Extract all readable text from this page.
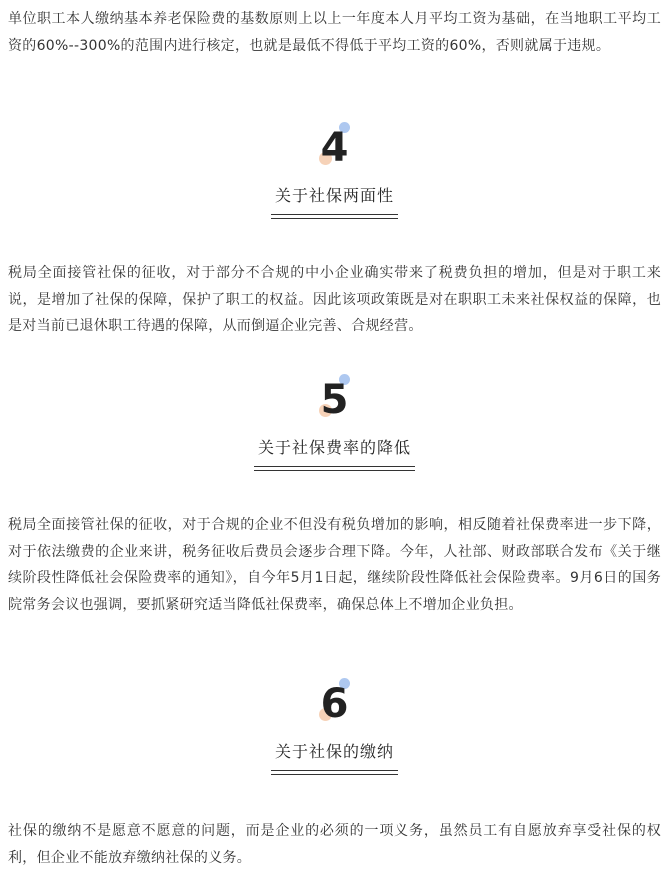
单位职工本人缴纳基本养老保险费的基数原则上以上一年度本人月平均工资为基础，在当地职工平均工资的60%--300%的范围内进行核定，也就是最低不得低于平均工资的60%，否则就属于违规。

4
关于社保两面性

税局全面接管社保的征收，对于部分不合规的中小企业确实带来了税费负担的增加，但是对于职工来说，是增加了社保的保障，保护了职工的权益。因此该项政策既是对在职职工未来社保权益的保障，也是对当前已退休职工待遇的保障，从而倒逼企业完善、合规经营。

5
关于社保费率的降低

税局全面接管社保的征收，对于合规的企业不但没有税负增加的影响，相反随着社保费率进一步下降，对于依法缴费的企业来讲，税务征收后费员会逐步合理下降。今年，人社部、财政部联合发布《关于继续阶段性降低社会保险费率的通知》，自今年5月1日起，继续阶段性降低社会保险费率。9月6日的国务院常务会议也强调，要抓紧研究适当降低社保费率，确保总体上不增加企业负担。

6
关于社保的缴纳

社保的缴纳不是愿意不愿意的问题，而是企业的必须的一项义务，虽然员工有自愿放弃享受社保的权利，但企业不能放弃缴纳社保的义务。
